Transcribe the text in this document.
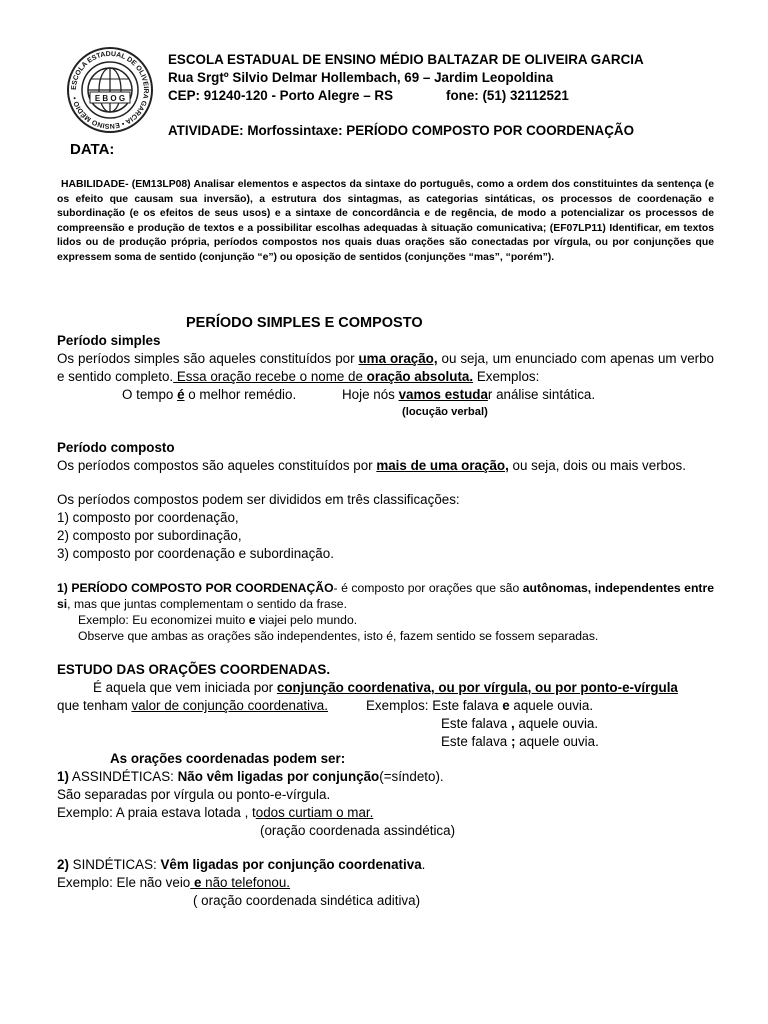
ESCOLA ESTADUAL DE OLIVEIRA GARCIA • ENSINO MÉDIO •	E B O G
ESCOLA ESTADUAL DE ENSINO MÉDIO BALTAZAR DE OLIVEIRA GARCIA
Rua Srgtº Silvio Delmar Hollembach, 69 – Jardim Leopoldina
CEP: 91240-120 - Porto Alegre – RS	fone: (51) 32112521
ATIVIDADE: Morfossintaxe: PERÍODO COMPOSTO POR COORDENAÇÃO
DATA:
HABILIDADE- (EM13LP08) Analisar elementos e aspectos da sintaxe do português, como a ordem dos constituintes da sentença (e os efeito que causam sua inversão), a estrutura dos sintagmas, as categorias sintáticas, os processos de coordenação e subordinação (e os efeitos de seus usos) e a sintaxe de concordância e de regência, de modo a potencializar os processos de compreensão e produção de textos e a possibilitar escolhas adequadas à situação comunicativa; (EF07LP11) Identificar, em textos lidos ou de produção própria, períodos compostos nos quais duas orações são conectadas por vírgula, ou por conjunções que expressem soma de sentido (conjunção “e”) ou oposição de sentidos (conjunções “mas”, “porém”).
PERÍODO SIMPLES E COMPOSTO
Período simples
Os períodos simples são aqueles constituídos por uma oração, ou seja, um enunciado com apenas um verbo e sentido completo. Essa oração recebe o nome de oração absoluta. Exemplos:
O tempo é o melhor remédio.	Hoje nós vamos estudar análise sintática.
(locução verbal)
Período composto
Os períodos compostos são aqueles constituídos por mais de uma oração, ou seja, dois ou mais verbos.
Os períodos compostos podem ser divididos em três classificações:
1) composto por coordenação,
2) composto por subordinação,
3) composto por coordenação e subordinação.
1) PERÍODO COMPOSTO POR COORDENAÇÃO- é composto por orações que são autônomas, independentes entre si, mas que juntas complementam o sentido da frase.
Exemplo: Eu economizei muito e viajei pelo mundo.
Observe que ambas as orações são independentes, isto é, fazem sentido se fossem separadas.
ESTUDO DAS ORAÇÕES COORDENADAS.
É aquela que vem iniciada por conjunção coordenativa, ou por vírgula, ou por ponto-e-vírgula
que tenham valor de conjunção coordenativa.	Exemplos: Este falava e aquele ouvia.
Este falava , aquele ouvia.
Este falava ; aquele ouvia.
As orações coordenadas podem ser:
1) ASSINDÉTICAS: Não vêm ligadas por conjunção(=síndeto).
São separadas por vírgula ou ponto-e-vírgula.
Exemplo: A praia estava lotada , todos curtiam o mar.
(oração coordenada assindética)
2) SINDÉTICAS: Vêm ligadas por conjunção coordenativa.
Exemplo: Ele não veio e não telefonou.
( oração coordenada sindética aditiva)
